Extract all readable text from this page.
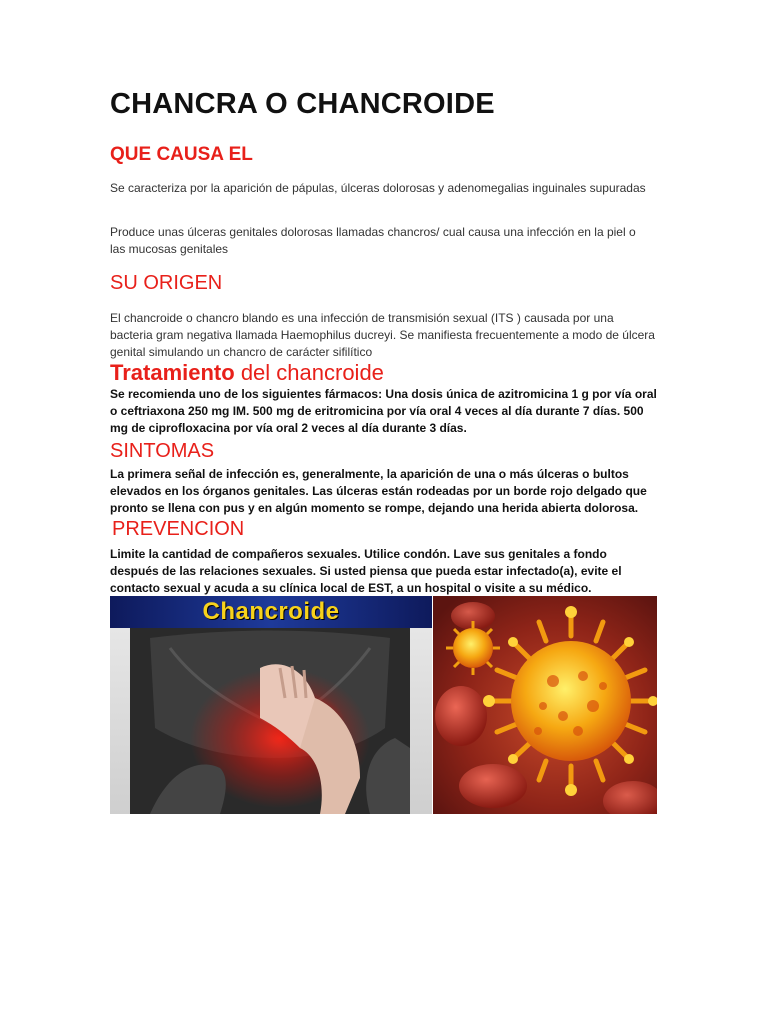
CHANCRA O CHANCROIDE
QUE CAUSA EL
Se caracteriza por la aparición de pápulas, úlceras dolorosas y adenomegalias inguinales supuradas
Produce unas úlceras genitales dolorosas llamadas chancros/ cual causa una infección en la piel o las mucosas genitales
SU ORIGEN
El chancroide o chancro blando es una infección de transmisión sexual (ITS ) causada por una bacteria gram negativa llamada Haemophilus ducreyi. Se manifiesta frecuentemente a modo de úlcera genital simulando un chancro de carácter sifilítico
Tratamiento del chancroide
Se recomienda uno de los siguientes fármacos: Una dosis única de azitromicina 1 g por vía oral o ceftriaxona 250 mg IM. 500 mg de eritromicina por vía oral 4 veces al día durante 7 días. 500 mg de ciprofloxacina por vía oral 2 veces al día durante 3 días.
SINTOMAS
La primera señal de infección es, generalmente, la aparición de una o más úlceras o bultos elevados en los órganos genitales. Las úlceras están rodeadas por un borde rojo delgado que pronto se llena con pus y en algún momento se rompe, dejando una herida abierta dolorosa.
PREVENCION
Limite la cantidad de compañeros sexuales. Utilice condón. Lave sus genitales a fondo después de las relaciones sexuales. Si usted piensa que pueda estar infectado(a), evite el contacto sexual y acuda a su clínica local de EST, a un hospital o visite a su médico.
Chancroide
